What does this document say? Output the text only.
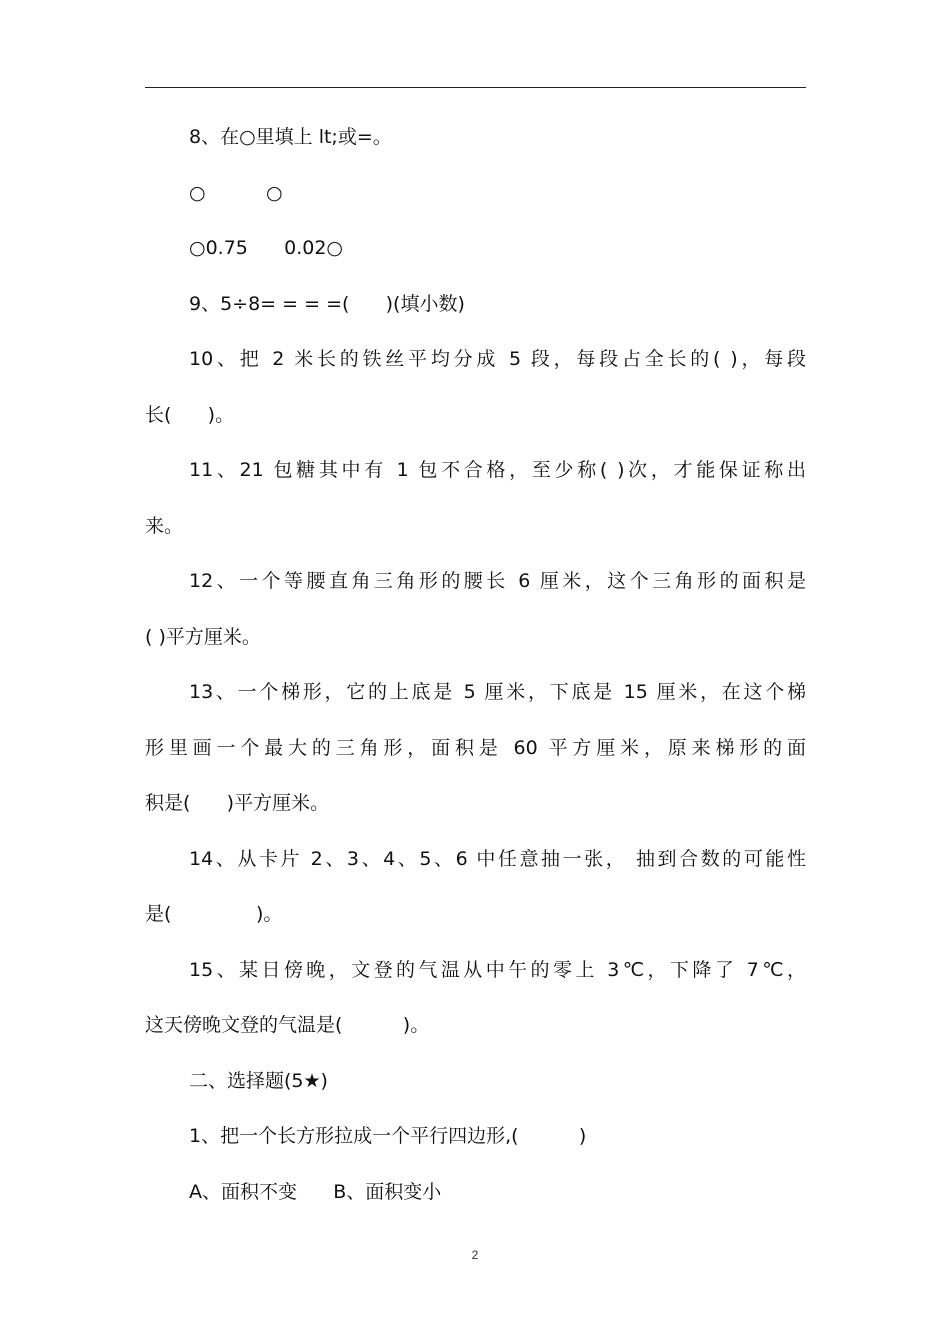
8、在○里填上 lt;或=。
○          ○
○0.75      0.02○
9、5÷8= = = =(      )(填小数)
10、把 2 米长的铁丝平均分成 5 段，每段占全长的( )，每段
长(      )。
11、21 包糖其中有 1 包不合格，至少称( )次，才能保证称出
来。
12、一个等腰直角三角形的腰长 6 厘米，这个三角形的面积是
( )平方厘米。
13、一个梯形，它的上底是 5 厘米，下底是 15 厘米，在这个梯
形里画一个最大的三角形，面积是 60 平方厘米，原来梯形的面
积是(      )平方厘米。
14、从卡片 2、3、4、5、6 中任意抽一张， 抽到合数的可能性
是(              )。
15、某日傍晚，文登的气温从中午的零上 3℃，下降了 7℃，
这天傍晚文登的气温是(          )。
二、选择题(5★)
1、把一个长方形拉成一个平行四边形,(          )
A、面积不变      B、面积变小
2
